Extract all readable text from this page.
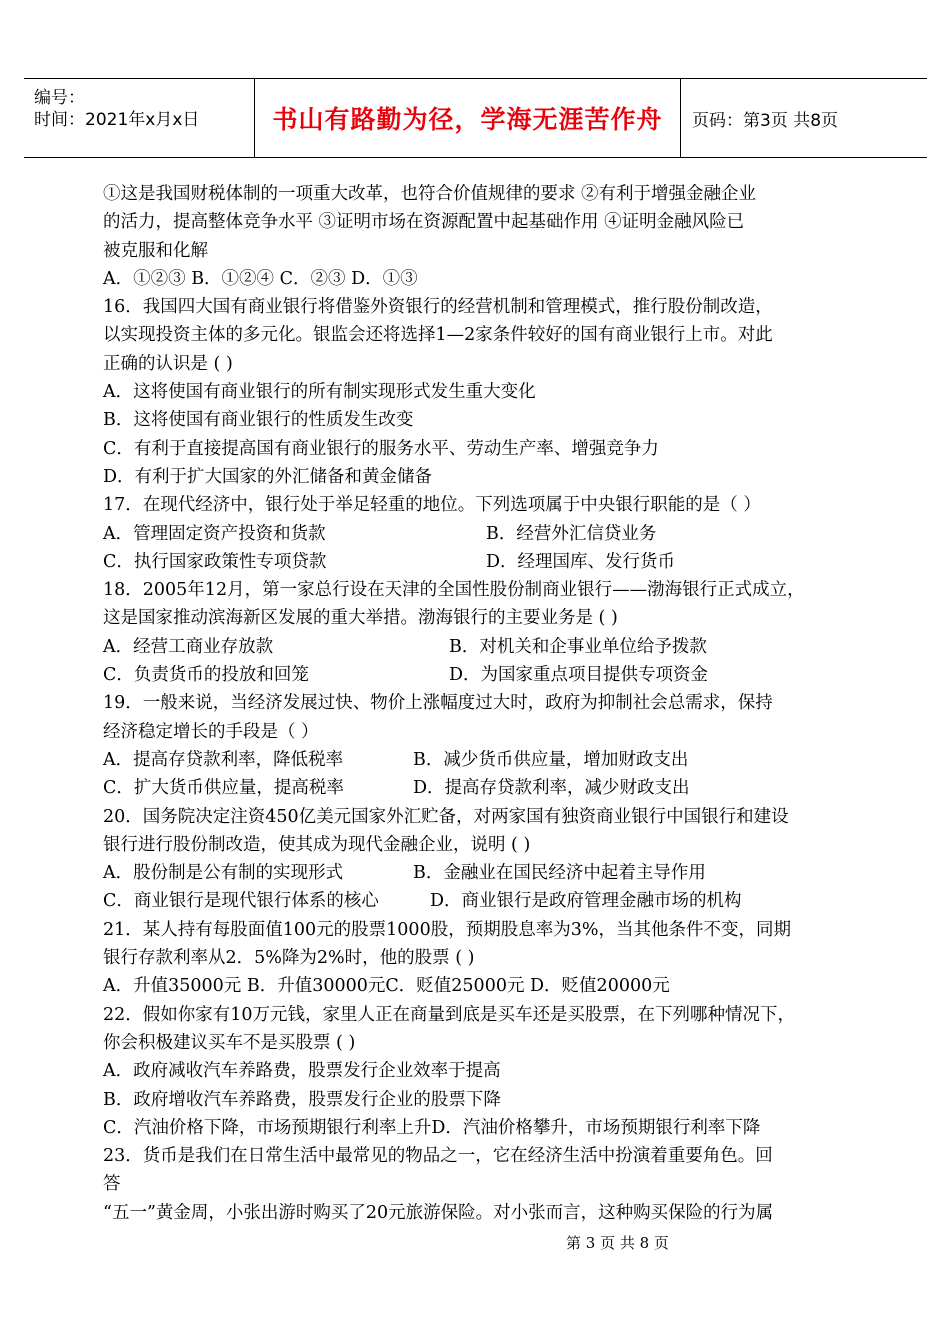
编号：
时间：2021年x月x日	书山有路勤为径，学海无涯苦作舟	页码：第3页 共8页
①这是我国财税体制的一项重大改革，也符合价值规律的要求 ②有利于增强金融企业
的活力，提高整体竞争水平 ③证明市场在资源配置中起基础作用 ④证明金融风险已
被克服和化解
A．①②③ B．①②④ C．②③ D．①③
16．我国四大国有商业银行将借鉴外资银行的经营机制和管理模式，推行股份制改造，
以实现投资主体的多元化。银监会还将选择1—2家条件较好的国有商业银行上市。对此
正确的认识是 ( )
A．这将使国有商业银行的所有制实现形式发生重大变化
B．这将使国有商业银行的性质发生改变
C．有利于直接提高国有商业银行的服务水平、劳动生产率、增强竞争力
D．有利于扩大国家的外汇储备和黄金储备
17．在现代经济中，银行处于举足轻重的地位。下列选项属于中央银行职能的是（ ）
A．管理固定资产投资和货款	B．经营外汇信贷业务
C．执行国家政策性专项贷款	D．经理国库、发行货币
18．2005年12月，第一家总行设在天津的全国性股份制商业银行——渤海银行正式成立，
这是国家推动滨海新区发展的重大举措。渤海银行的主要业务是 ( )
A．经营工商业存放款	B．对机关和企事业单位给予拨款
C．负责货币的投放和回笼	D．为国家重点项目提供专项资金
19．一般来说，当经济发展过快、物价上涨幅度过大时，政府为抑制社会总需求，保持
经济稳定增长的手段是（ ）
A．提高存贷款利率，降低税率	B．减少货币供应量，增加财政支出
C．扩大货币供应量，提高税率	D．提高存贷款利率，减少财政支出
20．国务院决定注资450亿美元国家外汇贮备，对两家国有独资商业银行中国银行和建设
银行进行股份制改造，使其成为现代金融企业，说明 ( )
A．股份制是公有制的实现形式	B．金融业在国民经济中起着主导作用
C．商业银行是现代银行体系的核心	D．商业银行是政府管理金融市场的机构
21．某人持有每股面值100元的股票1000股，预期股息率为3%，当其他条件不变，同期
银行存款利率从2．5%降为2%时，他的股票 ( )
A．升值35000元 B．升值30000元C．贬值25000元 D．贬值20000元
22．假如你家有10万元钱，家里人正在商量到底是买车还是买股票，在下列哪种情况下，
你会积极建议买车不是买股票 ( )
A．政府减收汽车养路费，股票发行企业效率于提高
B．政府增收汽车养路费，股票发行企业的股票下降
C．汽油价格下降，市场预期银行利率上升D．汽油价格攀升，市场预期银行利率下降
23．货币是我们在日常生活中最常见的物品之一，它在经济生活中扮演着重要角色。回
答
“五一”黄金周，小张出游时购买了20元旅游保险。对小张而言，这种购买保险的行为属
第 3 页 共 8 页
